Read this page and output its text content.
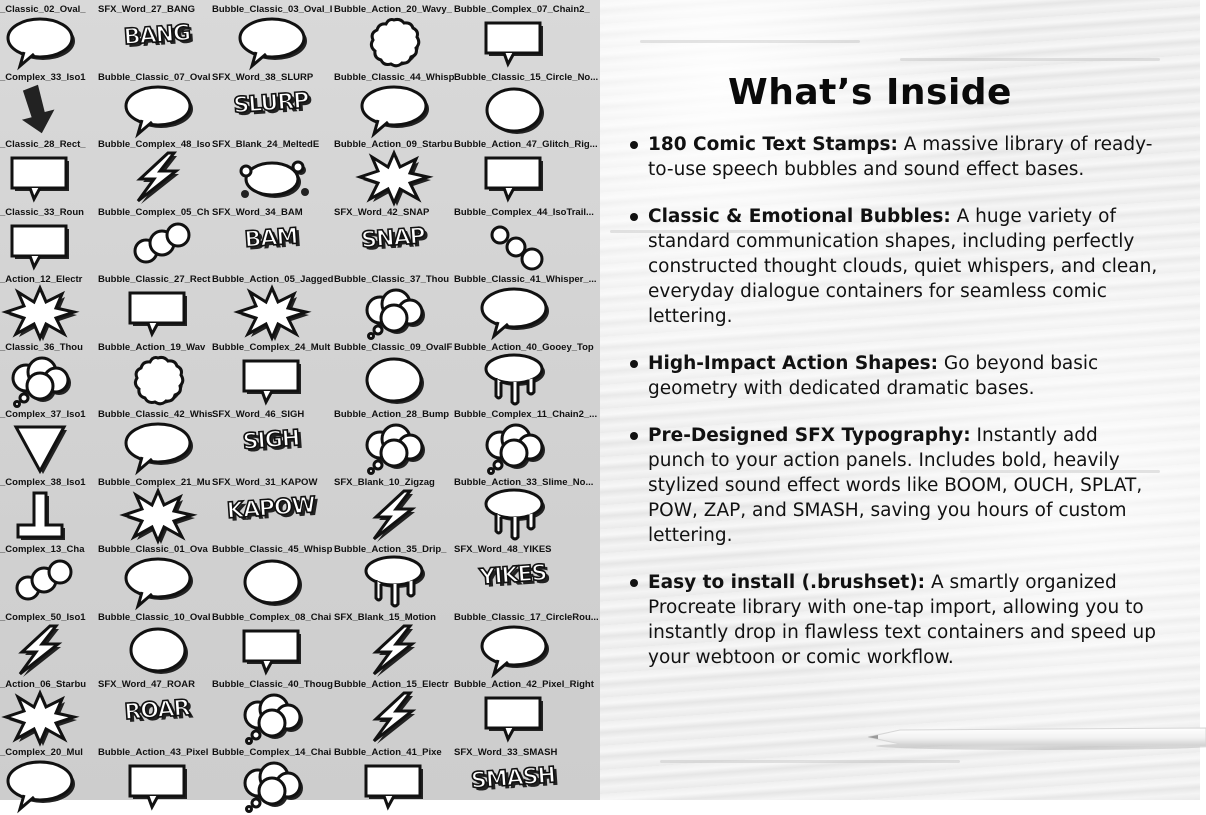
_Classic_02_Oval_	SFX_Word_27_BANG
BANG
Bubble_Classic_03_Oval_I Bubble_Action_20_Wavy_ Bubble_Complex_07_Chain2_
_Complex_33_Iso1	Bubble_Classic_07_Oval SFX_Word_38_SLURP
SLURP
Bubble_Classic_44_Whisp Bubble_Classic_15_Circle_No...
_Classic_28_Rect_	Bubble_Complex_48_Iso SFX_Blank_24_MeltedE	Bubble_Action_09_Starbu Bubble_Action_47_Glitch_Rig...
_Classic_33_Roun	Bubble_Complex_05_Ch SFX_Word_34_BAM
BAM
SFX_Word_42_SNAP
SNAP
Bubble_Complex_44_IsoTrail...
_Action_12_Electr	Bubble_Classic_27_Rect Bubble_Action_05_Jagged Bubble_Classic_37_Thou Bubble_Classic_41_Whisper_...
_Classic_36_Thou	Bubble_Action_19_Wav Bubble_Complex_24_Mult Bubble_Classic_09_OvalF Bubble_Action_40_Gooey_Top
_Complex_37_Iso1	Bubble_Classic_42_Whis SFX_Word_46_SIGH
SIGH
Bubble_Action_28_Bump Bubble_Complex_11_Chain2_...
_Complex_38_Iso1	Bubble_Complex_21_Mu SFX_Word_31_KAPOW
KAPOW
SFX_Blank_10_Zigzag	Bubble_Action_33_Slime_No...
_Complex_13_Cha	Bubble_Classic_01_Ova Bubble_Classic_45_Whisp Bubble_Action_35_Drip_ SFX_Word_48_YIKES
YIKES
_Complex_50_Iso1	Bubble_Classic_10_Oval Bubble_Complex_08_Chai SFX_Blank_15_Motion	Bubble_Classic_17_CircleRou...
_Action_06_Starbu	SFX_Word_47_ROAR
ROAR
Bubble_Classic_40_Thoug Bubble_Action_15_Electr Bubble_Action_42_Pixel_Right
_Complex_20_Mul	Bubble_Action_43_Pixel Bubble_Complex_14_Chai Bubble_Action_41_Pixe	SFX_Word_33_SMASH
SMASH
What’s Inside
180 Comic Text Stamps: A massive library of ready-to-use speech bubbles and sound effect bases.
Classic & Emotional Bubbles: A huge variety of standard communication shapes, including perfectly constructed thought clouds, quiet whispers, and clean, everyday dialogue containers for seamless comic lettering.
High-Impact Action Shapes: Go beyond basic geometry with dedicated dramatic bases.
Pre-Designed SFX Typography: Instantly add punch to your action panels. Includes bold, heavily stylized sound effect words like BOOM, OUCH, SPLAT, POW, ZAP, and SMASH, saving you hours of custom lettering.
Easy to install (.brushset): A smartly organized Procreate library with one-tap import, allowing you to instantly drop in flawless text containers and speed up your webtoon or comic workflow.
